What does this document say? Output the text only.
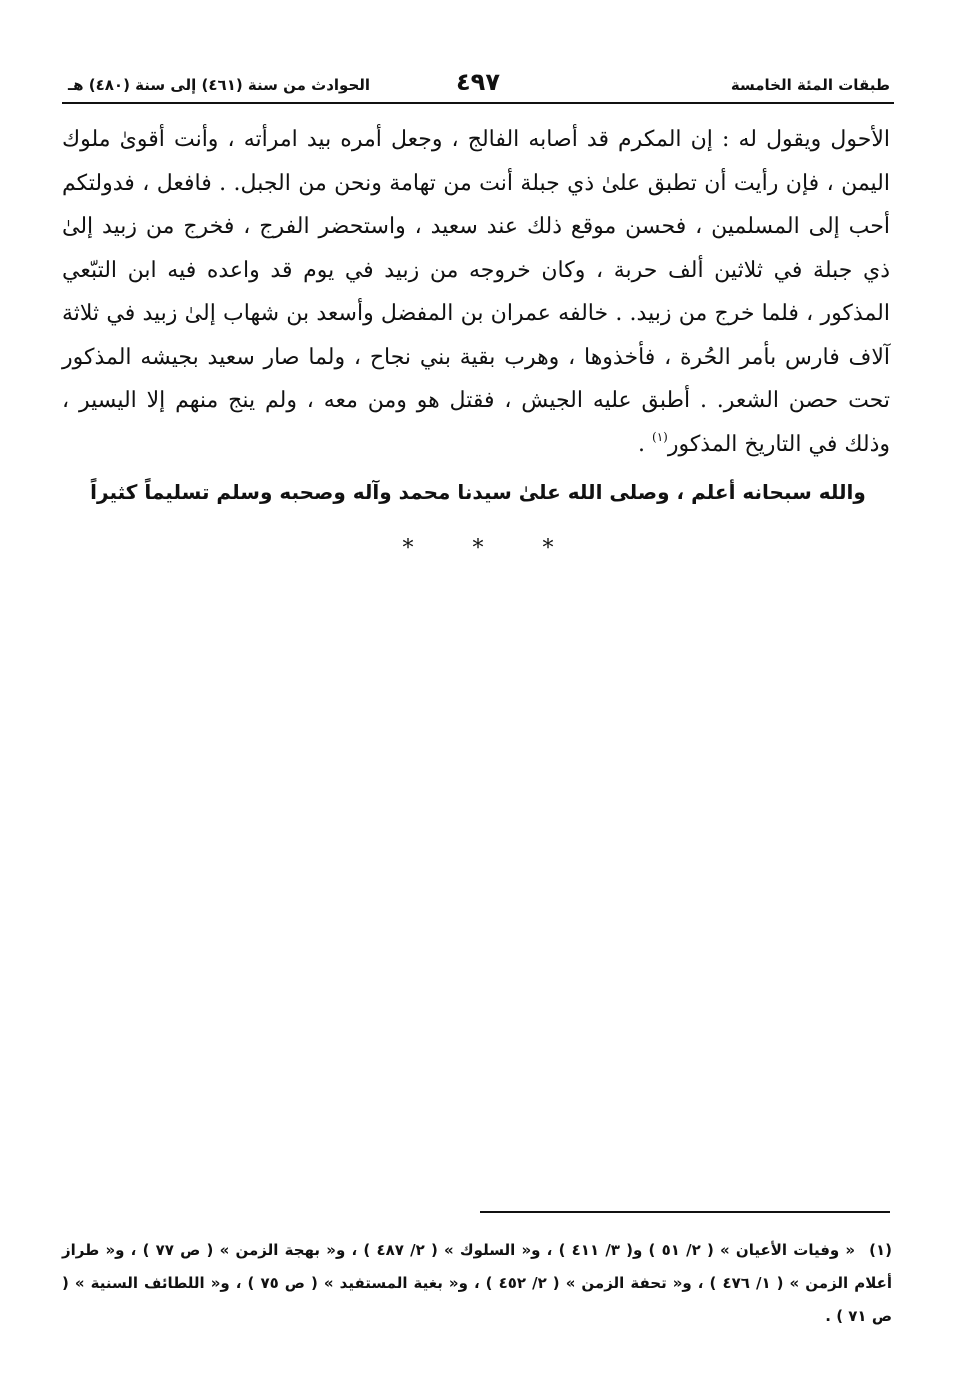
طبقات المئة الخامسة
٤٩٧
الحوادث من سنة (٤٦١) إلى سنة (٤٨٠) هـ
الأحول ويقول له : إن المكرم قد أصابه الفالج ، وجعل أمره بيد امرأته ، وأنت أقوىٰ ملوك اليمن ، فإن رأيت أن تطبق علىٰ ذي جبلة أنت من تهامة ونحن من الجبل. . فافعل ، فدولتكم أحب إلى المسلمين ، فحسن موقع ذلك عند سعيد ، واستحضر الفرج ، فخرج من زبيد إلىٰ ذي جبلة في ثلاثين ألف حربة ، وكان خروجه من زبيد في يوم قد واعده فيه ابن التبّعي المذكور ، فلما خرج من زبيد. . خالفه عمران بن المفضل وأسعد بن شهاب إلىٰ زبيد في ثلاثة آلاف فارس بأمر الحُرة ، فأخذوها ، وهرب بقية بني نجاح ، ولما صار سعيد بجيشه المذكور تحت حصن الشعر. . أطبق عليه الجيش ، فقتل هو ومن معه ، ولم ينج منهم إلا اليسير ، وذلك في التاريخ المذكور$^{(١)}$ .
والله سبحانه أعلم ، وصلى الله علىٰ سيدنا محمد وآله وصحبه وسلم تسليماً كثيراً
* * *
(١)« وفيات الأعيان » ( ٢/ ٥١ ) و( ٣/ ٤١١ ) ، و« السلوك » ( ٢/ ٤٨٧ ) ، و« بهجة الزمن » ( ص ٧٧ ) ، و« طراز أعلام الزمن » ( ١/ ٤٧٦ ) ، و« تحفة الزمن » ( ٢/ ٤٥٢ ) ، و« بغية المستفيد » ( ص ٧٥ ) ، و« اللطائف السنية » ( ص ٧١ ) .
